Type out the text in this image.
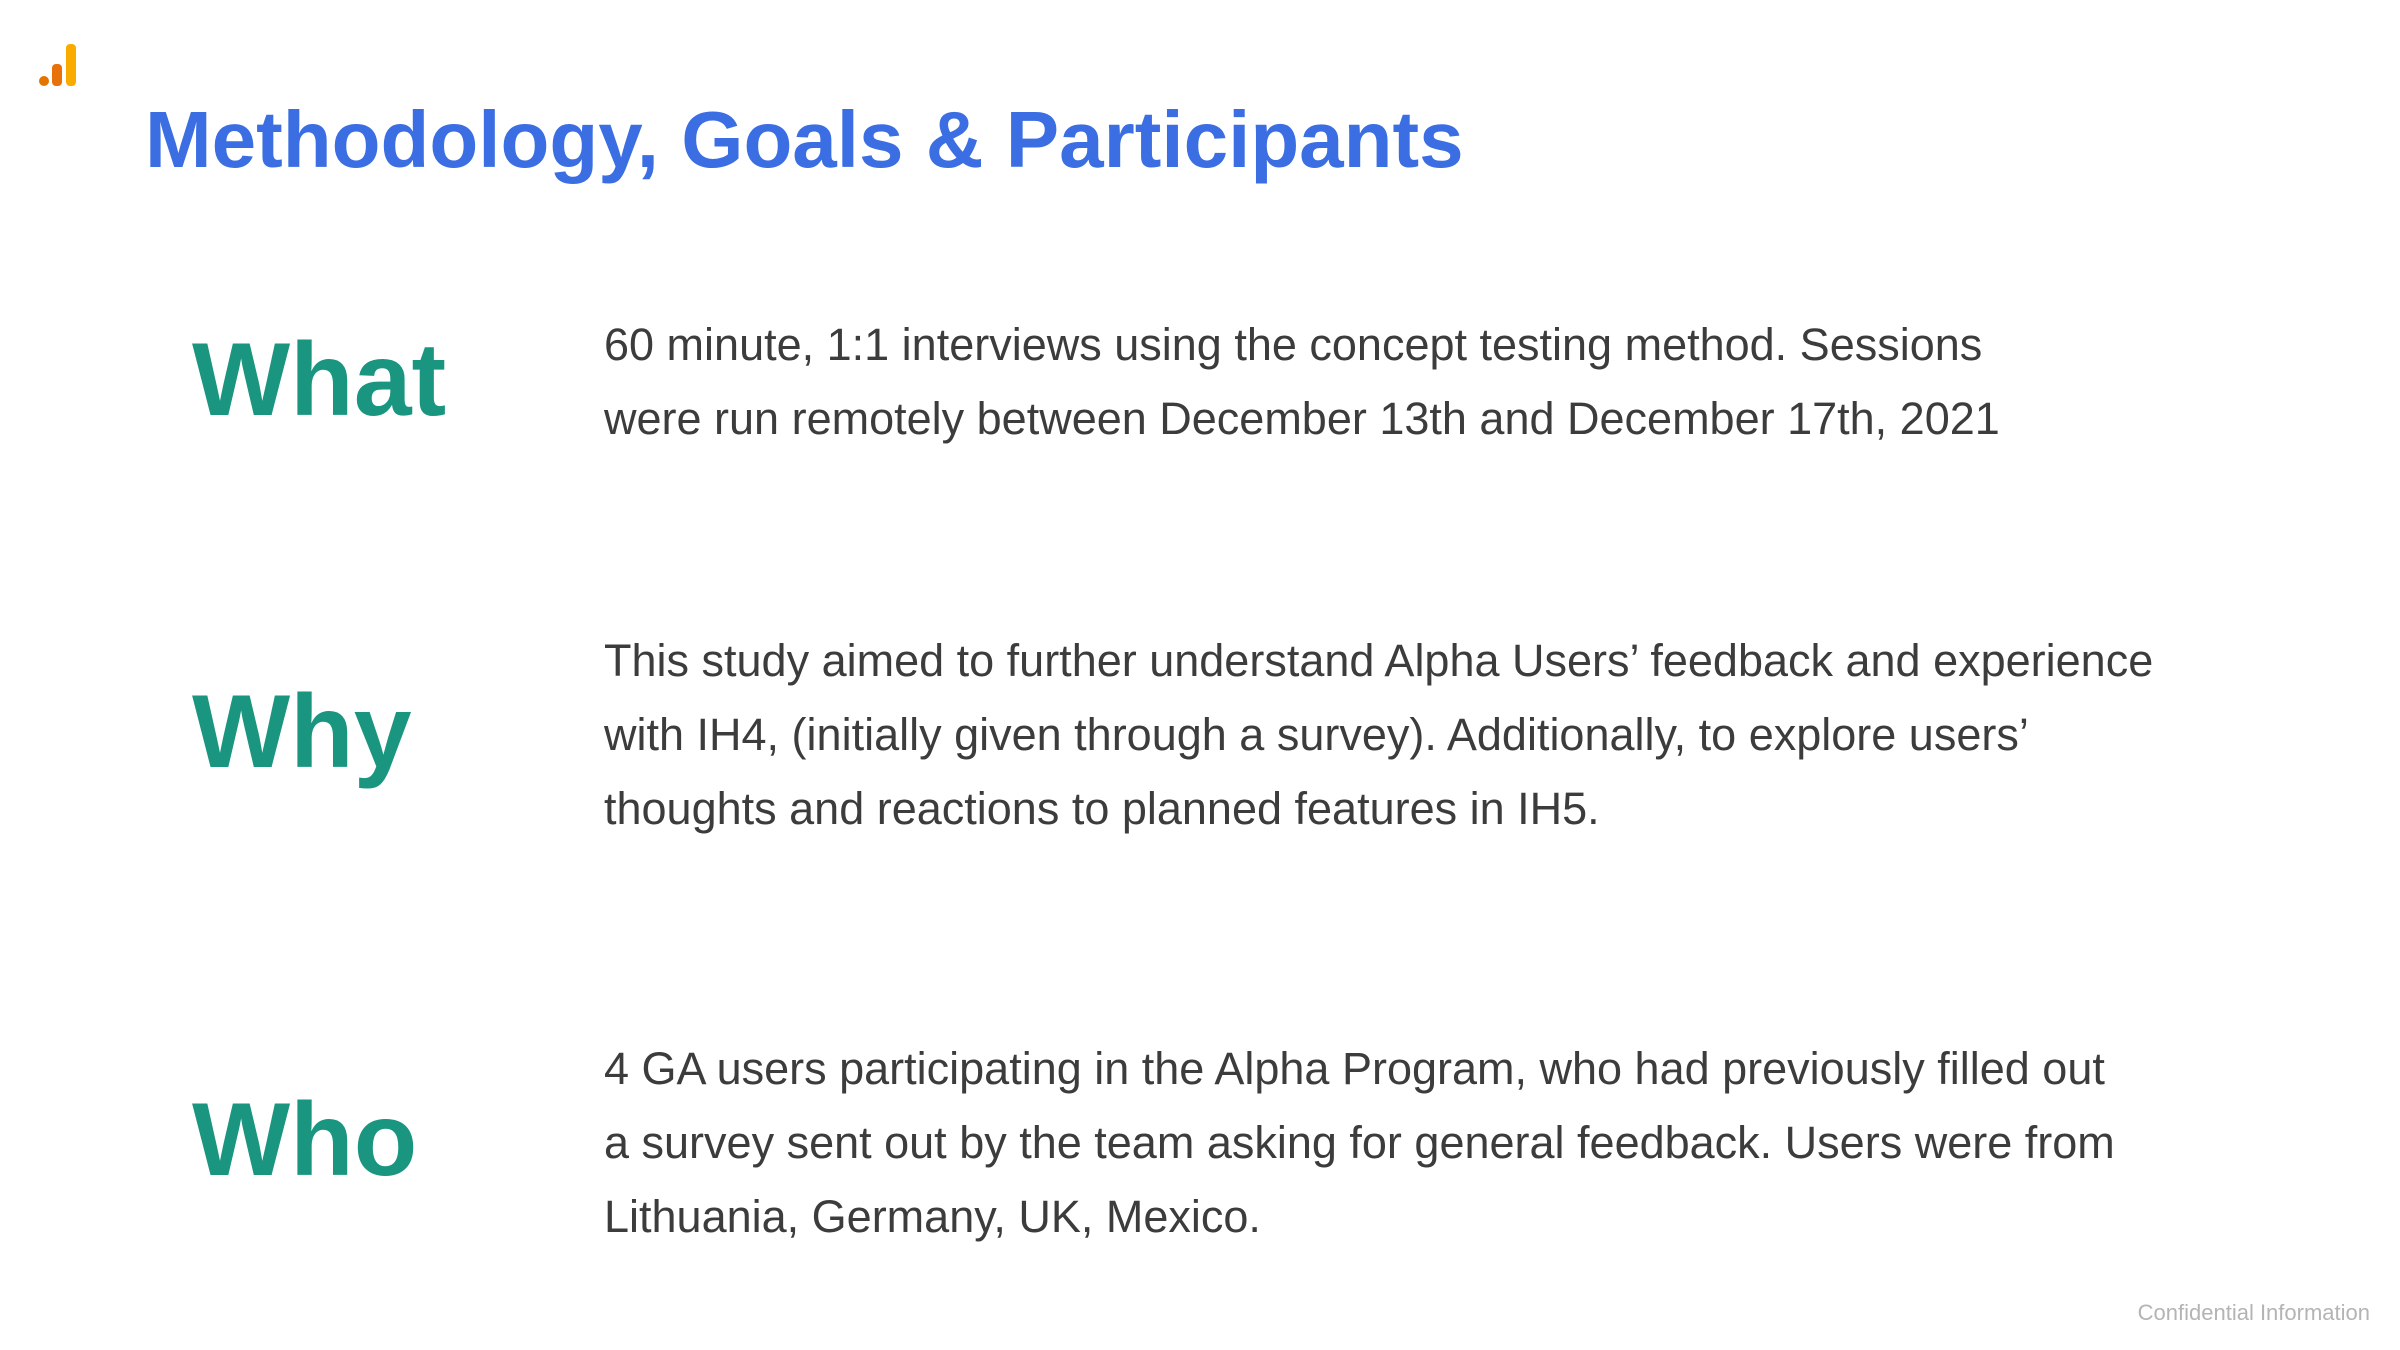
Methodology, Goals & Participants
What	60 minute, 1:1 interviews using the concept testing method. Sessions
were run remotely between December 13th and December 17th, 2021

Why

This study aimed to further understand Alpha Users’ feedback and experience
with IH4, (initially given through a survey). Additionally, to explore users’
thoughts and reactions to planned features in IH5.

Who

4 GA users participating in the Alpha Program, who had previously filled out
a survey sent out by the team asking for general feedback. Users were from
Lithuania, Germany, UK, Mexico.

Confidential Information
